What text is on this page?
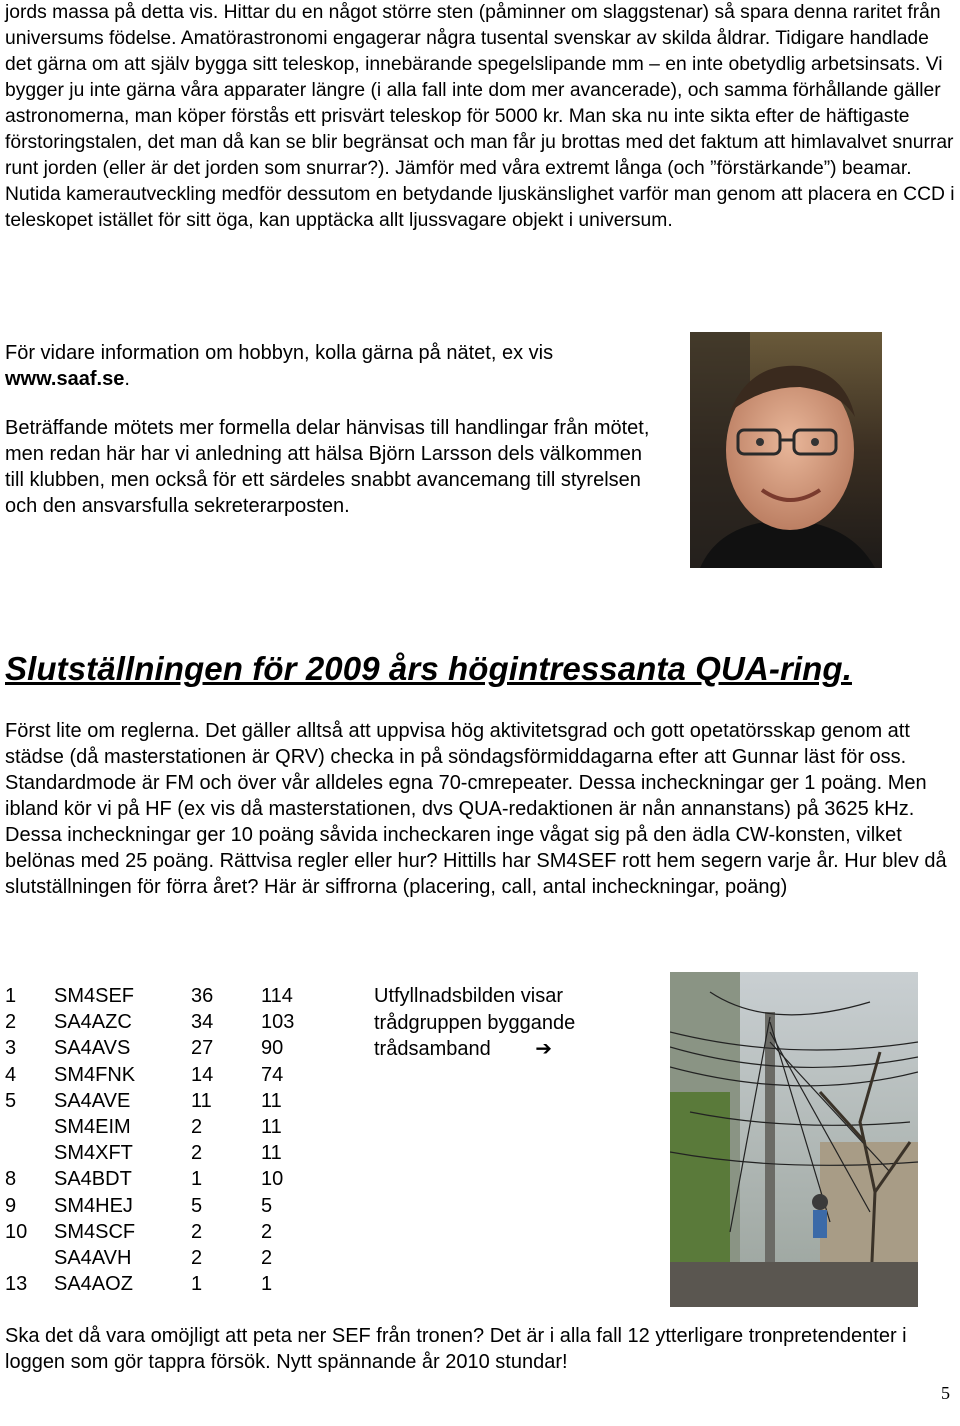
jords massa på detta vis. Hittar du en något större sten (påminner om slaggstenar) så spara denna raritet från universums födelse. Amatörastronomi engagerar några tusental svenskar av skilda åldrar. Tidigare handlade det gärna om att själv bygga sitt teleskop, innebärande spegelslipande mm – en inte obetydlig arbetsinsats. Vi bygger ju inte gärna våra apparater längre (i alla fall inte dom mer avancerade), och samma förhållande gäller astronomerna, man köper förstås ett prisvärt teleskop för 5000 kr. Man ska nu inte sikta efter de häftigaste förstoringstalen, det man då kan se blir begränsat och man får ju brottas med det faktum att himlavalvet snurrar runt jorden (eller är det jorden som snurrar?). Jämför med våra extremt långa (och ”förstärkande”) beamar. Nutida kamerautveckling medför dessutom en betydande ljuskänslighet varför man genom att placera en CCD i teleskopet istället för sitt öga, kan upptäcka allt ljussvagare objekt i universum.

För vidare information om hobbyn, kolla gärna på nätet, ex vis
www.saaf.se.

Beträffande mötets mer formella delar hänvisas till handlingar från mötet, men redan här har vi anledning att hälsa Björn Larsson dels välkommen till klubben, men också för ett särdeles snabbt avancemang till styrelsen och den ansvarsfulla sekreterarposten.

Slutställningen för 2009 års högintressanta QUA-ring.

Först lite om reglerna. Det gäller alltså att uppvisa hög aktivitetsgrad och gott opetatörsskap genom att städse (då masterstationen är QRV) checka in på söndagsförmiddagarna efter att Gunnar läst för oss. Standardmode är FM och över vår alldeles egna 70-cmrepeater. Dessa incheckningar ger 1 poäng. Men ibland kör vi på HF (ex vis då masterstationen, dvs QUA-redaktionen är nån annanstans) på 3625 kHz. Dessa incheckningar ger 10 poäng såvida incheckaren inge vågat sig på den ädla CW-konsten, vilket belönas med 25 poäng. Rättvisa regler eller hur? Hittills har SM4SEF rott hem segern varje år. Hur blev då slutställningen för förra året? Här är siffrorna (placering, call, antal incheckningar, poäng)

1	SM4SEF	36	114
2	SA4AZC	34	103
3	SA4AVS	27	90
4	SM4FNK	14	74
5	SA4AVE	11	11
	SM4EIM	2	11
	SM4XFT	2	11
8	SA4BDT	1	10
9	SM4HEJ	5	5
10	SM4SCF	2	2
	SA4AVH	2	2
13	SA4AOZ	1	1
Utfyllnadsbilden visar
trådgruppen byggande
trådsamband ➔

Ska det då vara omöjligt att peta ner SEF från tronen? Det är i alla fall 12 ytterligare tronpretendenter i loggen som gör tappra försök. Nytt spännande år 2010 stundar!

5
